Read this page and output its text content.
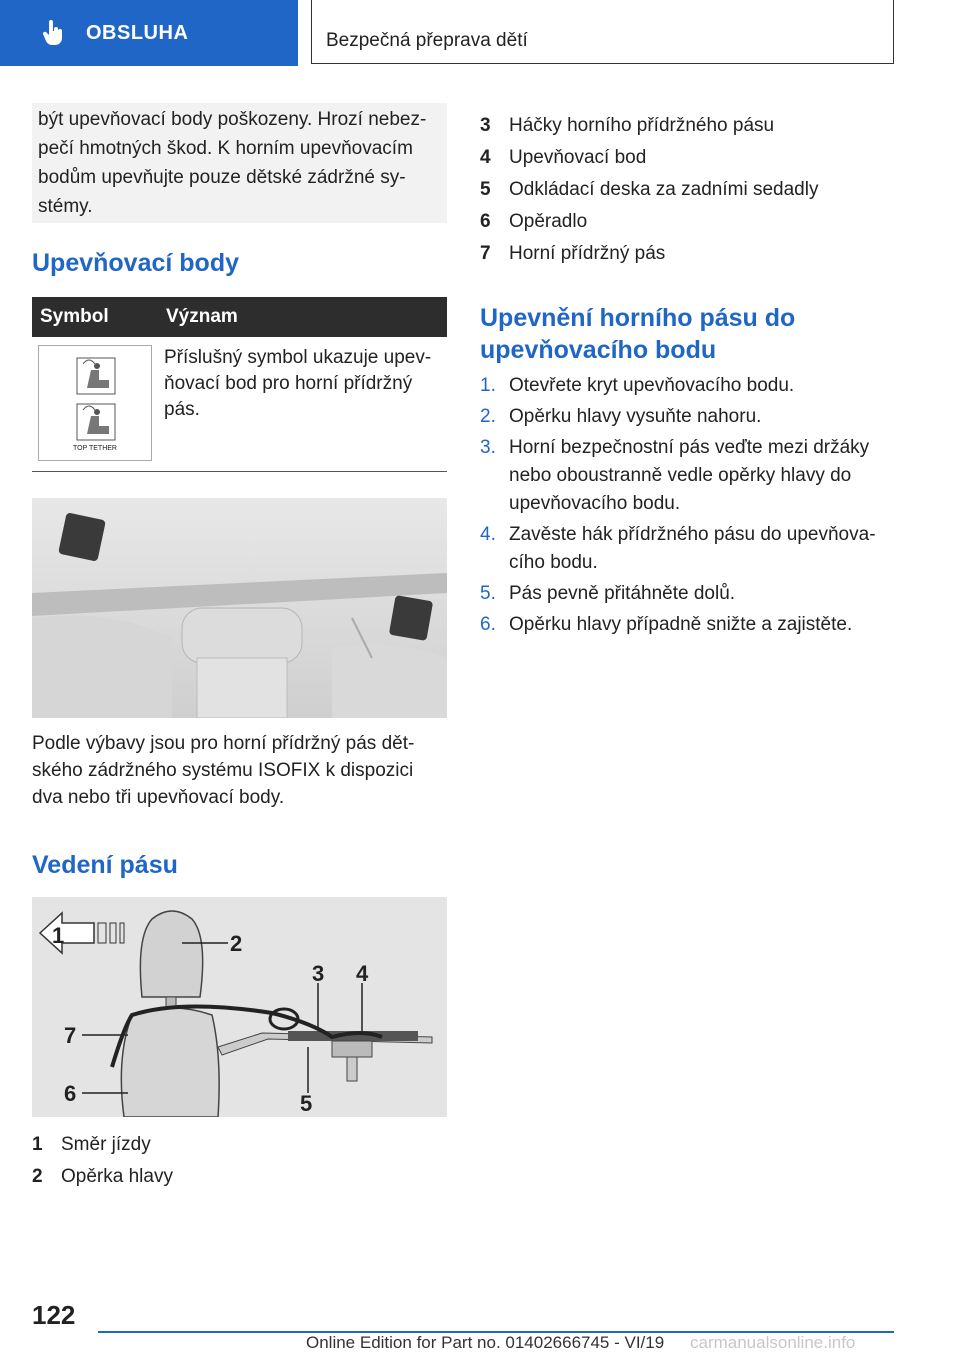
OBSLUHA	Bezpečná přeprava dětí
být upevňovací body poškozeny. Hrozí nebezpečí hmotných škod. K horním upevňovacím bodům upevňujte pouze dětské zádržné systémy.
Upevňovací body
Symbol	Význam

TOP TETHER	Příslušný symbol ukazuje upevňovací bod pro horní přídržný pás.

Podle výbavy jsou pro horní přídržný pás dětského zádržného systému ISOFIX k dispozici dva nebo tři upevňovací body.

Vedení pásu
1	2
3 4
5
6
7
1 Směr jízdy
2 Opěrka hlavy
3 Háčky horního přídržného pásu
4 Upevňovací bod
5 Odkládací deska za zadními sedadly
6 Opěradlo
7 Horní přídržný pás
Upevnění horního pásu do upevňovacího bodu
1. Otevřete kryt upevňovacího bodu.
2. Opěrku hlavy vysuňte nahoru.
3. Horní bezpečnostní pás veďte mezi držáky nebo oboustranně vedle opěrky hlavy do upevňovacího bodu.
4. Zavěste hák přídržného pásu do upevňovacího bodu.
5. Pás pevně přitáhněte dolů.
6. Opěrku hlavy případně snižte a zajistěte.
122
Online Edition for Part no. 01402666745 - VI/19 carmanualsonline.info
